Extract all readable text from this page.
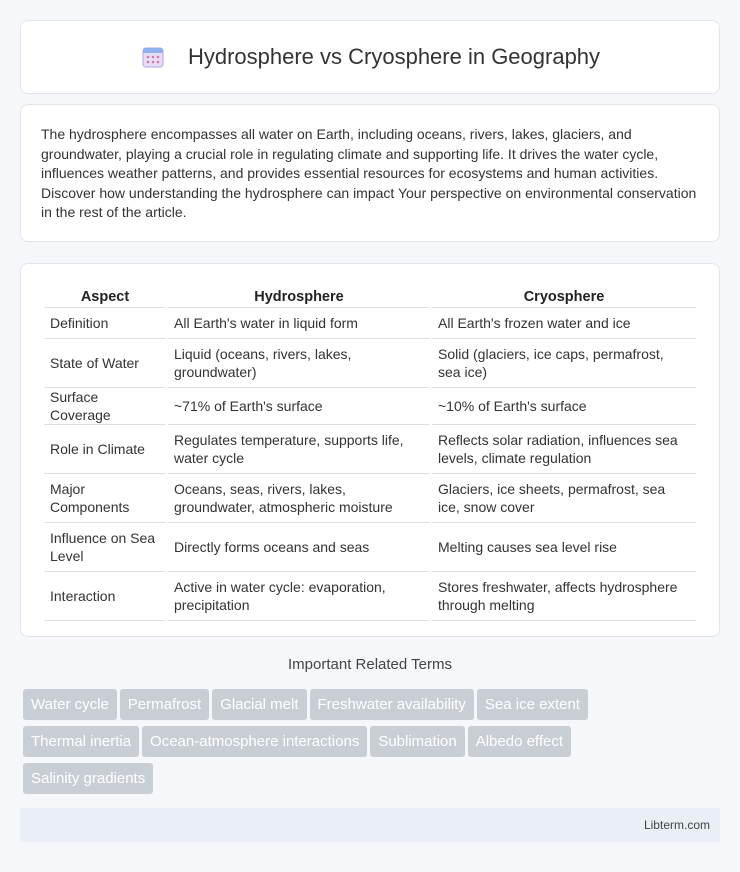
Hydrosphere vs Cryosphere in Geography

The hydrosphere encompasses all water on Earth, including oceans, rivers, lakes, glaciers, and groundwater, playing a crucial role in regulating climate and supporting life. It drives the water cycle, influences weather patterns, and provides essential resources for ecosystems and human activities. Discover how understanding the hydrosphere can impact Your perspective on environmental conservation in the rest of the article.

Aspect	Hydrosphere	Cryosphere
Definition	All Earth's water in liquid form	All Earth's frozen water and ice
State of Water	Liquid (oceans, rivers, lakes, groundwater)	Solid (glaciers, ice caps, permafrost, sea ice)
Surface Coverage	~71% of Earth's surface	~10% of Earth's surface
Role in Climate	Regulates temperature, supports life, water cycle	Reflects solar radiation, influences sea levels, climate regulation
Major Components	Oceans, seas, rivers, lakes, groundwater, atmospheric moisture	Glaciers, ice sheets, permafrost, sea ice, snow cover
Influence on Sea Level	Directly forms oceans and seas	Melting causes sea level rise
Interaction	Active in water cycle: evaporation, precipitation	Stores freshwater, affects hydrosphere through melting
Important Related Terms
Water cycle Permafrost Glacial melt Freshwater availability Sea ice extent
Thermal inertia Ocean-atmosphere interactions Sublimation Albedo effect
Salinity gradients
Libterm.com
